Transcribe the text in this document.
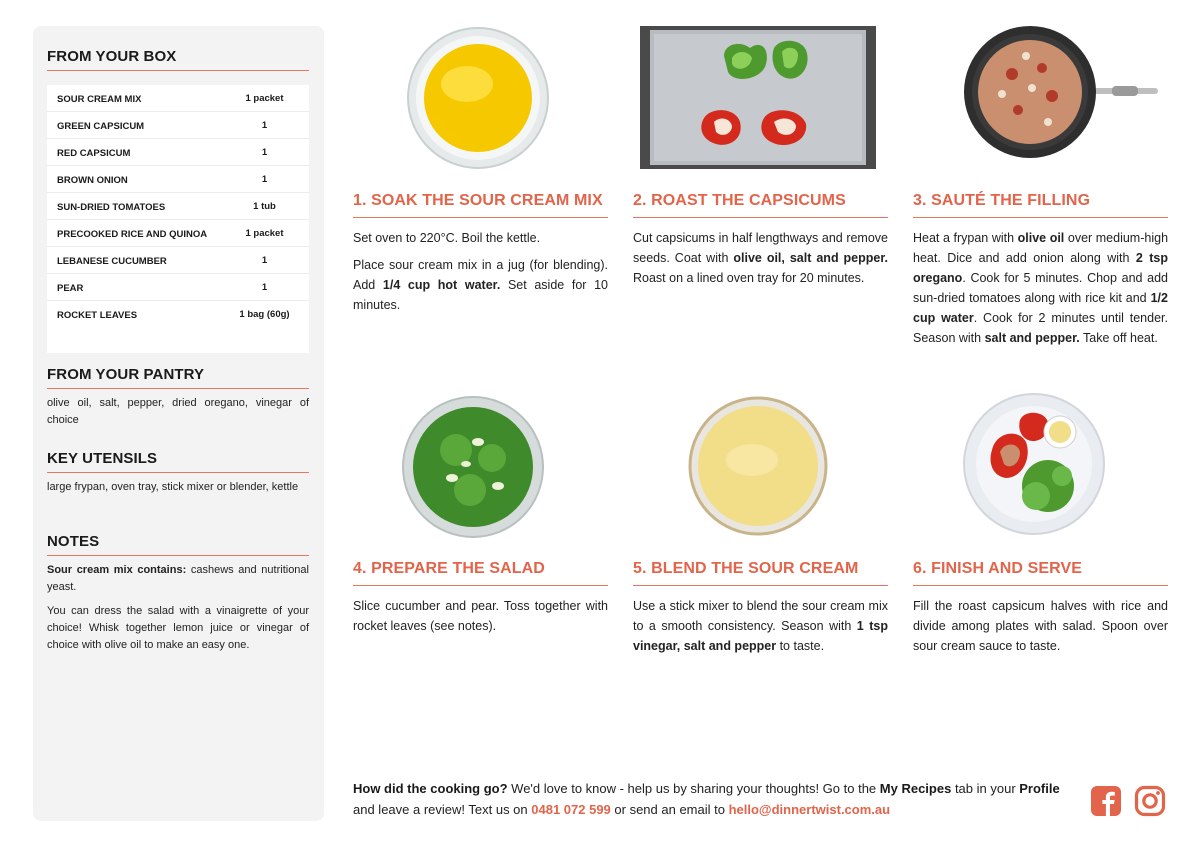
FROM YOUR BOX
SOUR CREAM MIX	1 packet
GREEN CAPSICUM	1
RED CAPSICUM	1
BROWN ONION	1
SUN-DRIED TOMATOES	1 tub
PRECOOKED RICE AND QUINOA	1 packet
LEBANESE CUCUMBER	1
PEAR	1
ROCKET LEAVES	1 bag (60g)
FROM YOUR PANTRY
olive oil, salt, pepper, dried oregano, vinegar of choice
KEY UTENSILS
large frypan, oven tray, stick mixer or blender, kettle
NOTES

Sour cream mix contains: cashews and nutritional yeast.

You can dress the salad with a vinaigrette of your choice! Whisk together lemon juice or vinegar of choice with olive oil to make an easy one.

1. SOAK THE SOUR CREAM MIX

Set oven to 220°C. Boil the kettle.

Place sour cream mix in a jug (for blending). Add 1/4 cup hot water. Set aside for 10 minutes.

2. ROAST THE CAPSICUMS

Cut capsicums in half lengthways and remove seeds. Coat with olive oil, salt and pepper. Roast on a lined oven tray for 20 minutes.

3. SAUTÉ THE FILLING

Heat a frypan with olive oil over medium-high heat. Dice and add onion along with 2 tsp oregano. Cook for 5 minutes. Chop and add sun-dried tomatoes along with rice kit and 1/2 cup water. Cook for 2 minutes until tender. Season with salt and pepper. Take off heat.

4. PREPARE THE SALAD

Slice cucumber and pear. Toss together with rocket leaves (see notes).

5. BLEND THE SOUR CREAM

Use a stick mixer to blend the sour cream mix to a smooth consistency. Season with 1 tsp vinegar, salt and pepper to taste.

6. FINISH AND SERVE

Fill the roast capsicum halves with rice and divide among plates with salad. Spoon over sour cream sauce to taste.

How did the cooking go? We'd love to know - help us by sharing your thoughts! Go to the My Recipes tab in your Profile and leave a review! Text us on 0481 072 599 or send an email to hello@dinnertwist.com.au
